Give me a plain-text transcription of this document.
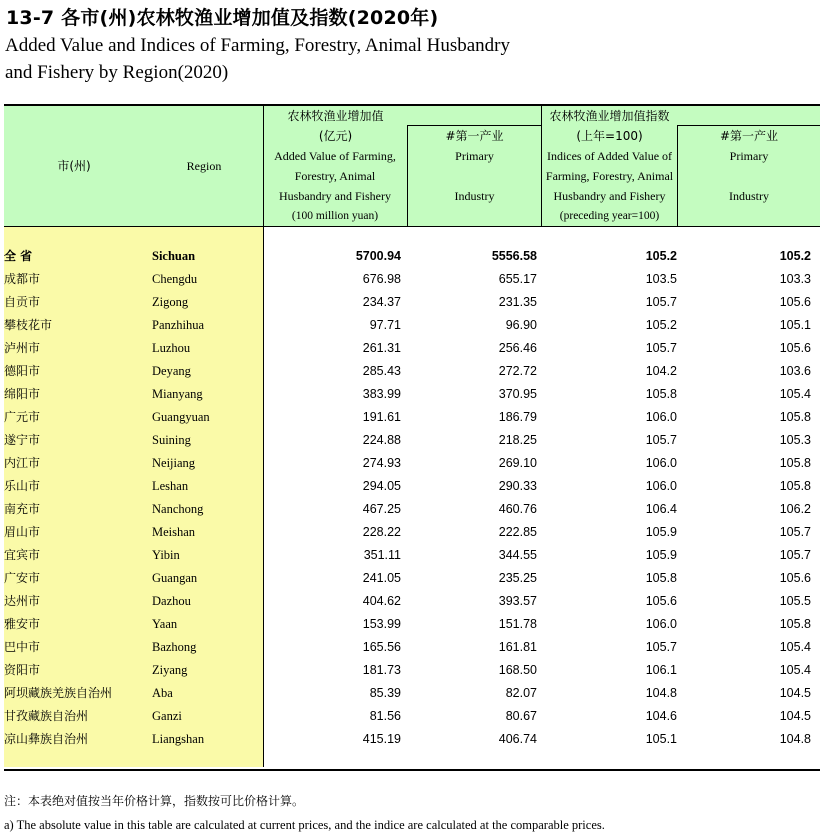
13-7 各市(州)农林牧渔业增加值及指数(2020年)
Added Value and Indices of Farming, Forestry, Animal Husbandry
and Fishery by Region(2020)
市(州)	Region
农林牧渔业增加值
(亿元)
Added Value of Farming,
Forestry, Animal
Husbandry and Fishery
(100 million yuan)
#第一产业
Primary
Industry
农林牧渔业增加值指数
(上年=100)
Indices of Added Value of
Farming, Forestry, Animal
Husbandry and Fishery
(preceding year=100)
#第一产业
Primary
Industry
全 省	Sichuan	5700.94	5556.58	105.2	105.2
成都市	Chengdu	676.98	655.17	103.5	103.3
自贡市	Zigong	234.37	231.35	105.7	105.6
攀枝花市	Panzhihua	97.71	96.90	105.2	105.1
泸州市	Luzhou	261.31	256.46	105.7	105.6
德阳市	Deyang	285.43	272.72	104.2	103.6
绵阳市	Mianyang	383.99	370.95	105.8	105.4
广元市	Guangyuan	191.61	186.79	106.0	105.8
遂宁市	Suining	224.88	218.25	105.7	105.3
内江市	Neijiang	274.93	269.10	106.0	105.8
乐山市	Leshan	294.05	290.33	106.0	105.8
南充市	Nanchong	467.25	460.76	106.4	106.2
眉山市	Meishan	228.22	222.85	105.9	105.7
宜宾市	Yibin	351.11	344.55	105.9	105.7
广安市	Guangan	241.05	235.25	105.8	105.6
达州市	Dazhou	404.62	393.57	105.6	105.5
雅安市	Yaan	153.99	151.78	106.0	105.8
巴中市	Bazhong	165.56	161.81	105.7	105.4
资阳市	Ziyang	181.73	168.50	106.1	105.4
阿坝藏族羌族自治州	Aba	85.39	82.07	104.8	104.5
甘孜藏族自治州	Ganzi	81.56	80.67	104.6	104.5
凉山彝族自治州	Liangshan	415.19	406.74	105.1	104.8
注：本表绝对值按当年价格计算，指数按可比价格计算。
a) The absolute value in this table are calculated at current prices, and the indice are calculated at the comparable prices.
